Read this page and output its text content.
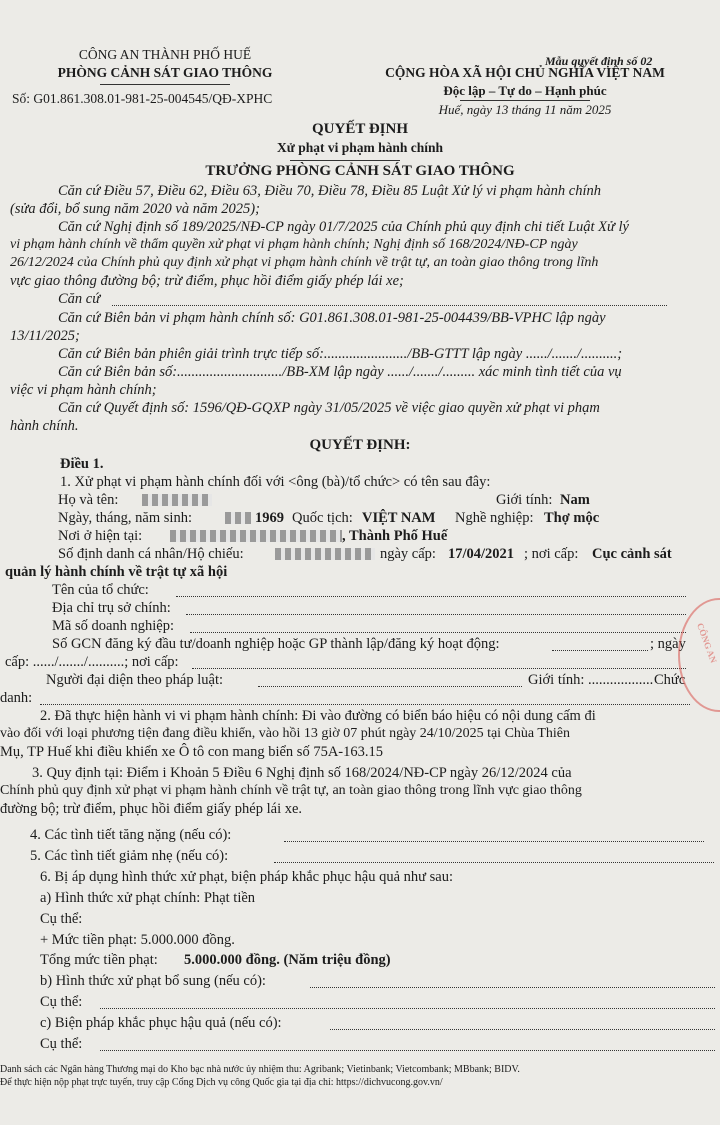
CÔNG AN THÀNH PHỐ HUẾ
PHÒNG CẢNH SÁT GIAO THÔNG
Số: G01.861.308.01-981-25-004545/QĐ-XPHC
Mẫu quyết định số 02
CỘNG HÒA XÃ HỘI CHỦ NGHĨA VIỆT NAM
Độc lập – Tự do – Hạnh phúc
Huế, ngày 13 tháng 11 năm 2025
QUYẾT ĐỊNH
Xử phạt vi phạm hành chính
TRƯỞNG PHÒNG CẢNH SÁT GIAO THÔNG
Căn cứ Điều 57, Điều 62, Điều 63, Điều 70, Điều 78, Điều 85 Luật Xử lý vi phạm hành chính
(sửa đổi, bổ sung năm 2020 và năm 2025);
Căn cứ Nghị định số 189/2025/NĐ-CP ngày 01/7/2025 của Chính phủ quy định chi tiết Luật Xử lý
vi phạm hành chính về thẩm quyền xử phạt vi phạm hành chính; Nghị định số 168/2024/NĐ-CP ngày
26/12/2024 của Chính phủ quy định xử phạt vi phạm hành chính về trật tự, an toàn giao thông trong lĩnh
vực giao thông đường bộ; trừ điểm, phục hồi điểm giấy phép lái xe;
Căn cứ
Căn cứ Biên bản vi phạm hành chính số: G01.861.308.01-981-25-004439/BB-VPHC lập ngày
13/11/2025;
Căn cứ Biên bản phiên giải trình trực tiếp số:......................./BB-GTTT lập ngày ....../......./..........;
Căn cứ Biên bản số:............................./BB-XM lập ngày ....../......./......... xác minh tình tiết của vụ
việc vi phạm hành chính;
Căn cứ Quyết định số: 1596/QĐ-GQXP ngày 31/05/2025 về việc giao quyền xử phạt vi phạm
hành chính.
QUYẾT ĐỊNH:
Điều 1.
1. Xử phạt vi phạm hành chính đối với <ông (bà)/tổ chức> có tên sau đây:
Họ và tên:	Giới tính: Nam
Ngày, tháng, năm sinh:	1969 Quốc tịch: VIỆT NAM Nghề nghiệp: Thợ mộc
Nơi ở hiện tại:	, Thành Phố Huế
Số định danh cá nhân/Hộ chiếu:	ngày cấp: 17/04/2021 ; nơi cấp: Cục cảnh sát
quản lý hành chính về trật tự xã hội
Tên của tổ chức:
Địa chỉ trụ sở chính:
Mã số doanh nghiệp:
Số GCN đăng ký đầu tư/doanh nghiệp hoặc GP thành lập/đăng ký hoạt động:	; ngày
cấp: ....../......./..........; nơi cấp:
Người đại diện theo pháp luật:	Giới tính: .................. Chức
danh:
2. Đã thực hiện hành vi vi phạm hành chính: Đi vào đường có biển báo hiệu có nội dung cấm đi
vào đối với loại phương tiện đang điều khiển, vào hồi 13 giờ 07 phút ngày 24/10/2025 tại Chùa Thiên
Mụ, TP Huế khi điều khiển xe Ô tô con mang biển số 75A-163.15
3. Quy định tại: Điểm i Khoản 5 Điều 6 Nghị định số 168/2024/NĐ-CP ngày 26/12/2024 của
Chính phủ quy định xử phạt vi phạm hành chính về trật tự, an toàn giao thông trong lĩnh vực giao thông
đường bộ; trừ điểm, phục hồi điểm giấy phép lái xe.
4. Các tình tiết tăng nặng (nếu có):
5. Các tình tiết giảm nhẹ (nếu có):
6. Bị áp dụng hình thức xử phạt, biện pháp khắc phục hậu quả như sau:
a) Hình thức xử phạt chính: Phạt tiền
Cụ thể:
+ Mức tiền phạt: 5.000.000 đồng.
Tổng mức tiền phạt: 5.000.000 đồng. (Năm triệu đồng)
b) Hình thức xử phạt bổ sung (nếu có):
Cụ thể:
c) Biện pháp khắc phục hậu quả (nếu có):
Cụ thể:
Danh sách các Ngân hàng Thương mại do Kho bạc nhà nước ủy nhiệm thu: Agribank; Vietinbank; Vietcombank; MBbank; BIDV.
Để thực hiện nộp phạt trực tuyến, truy cập Cổng Dịch vụ công Quốc gia tại địa chỉ: https://dichvucong.gov.vn/
CÔNG AN
